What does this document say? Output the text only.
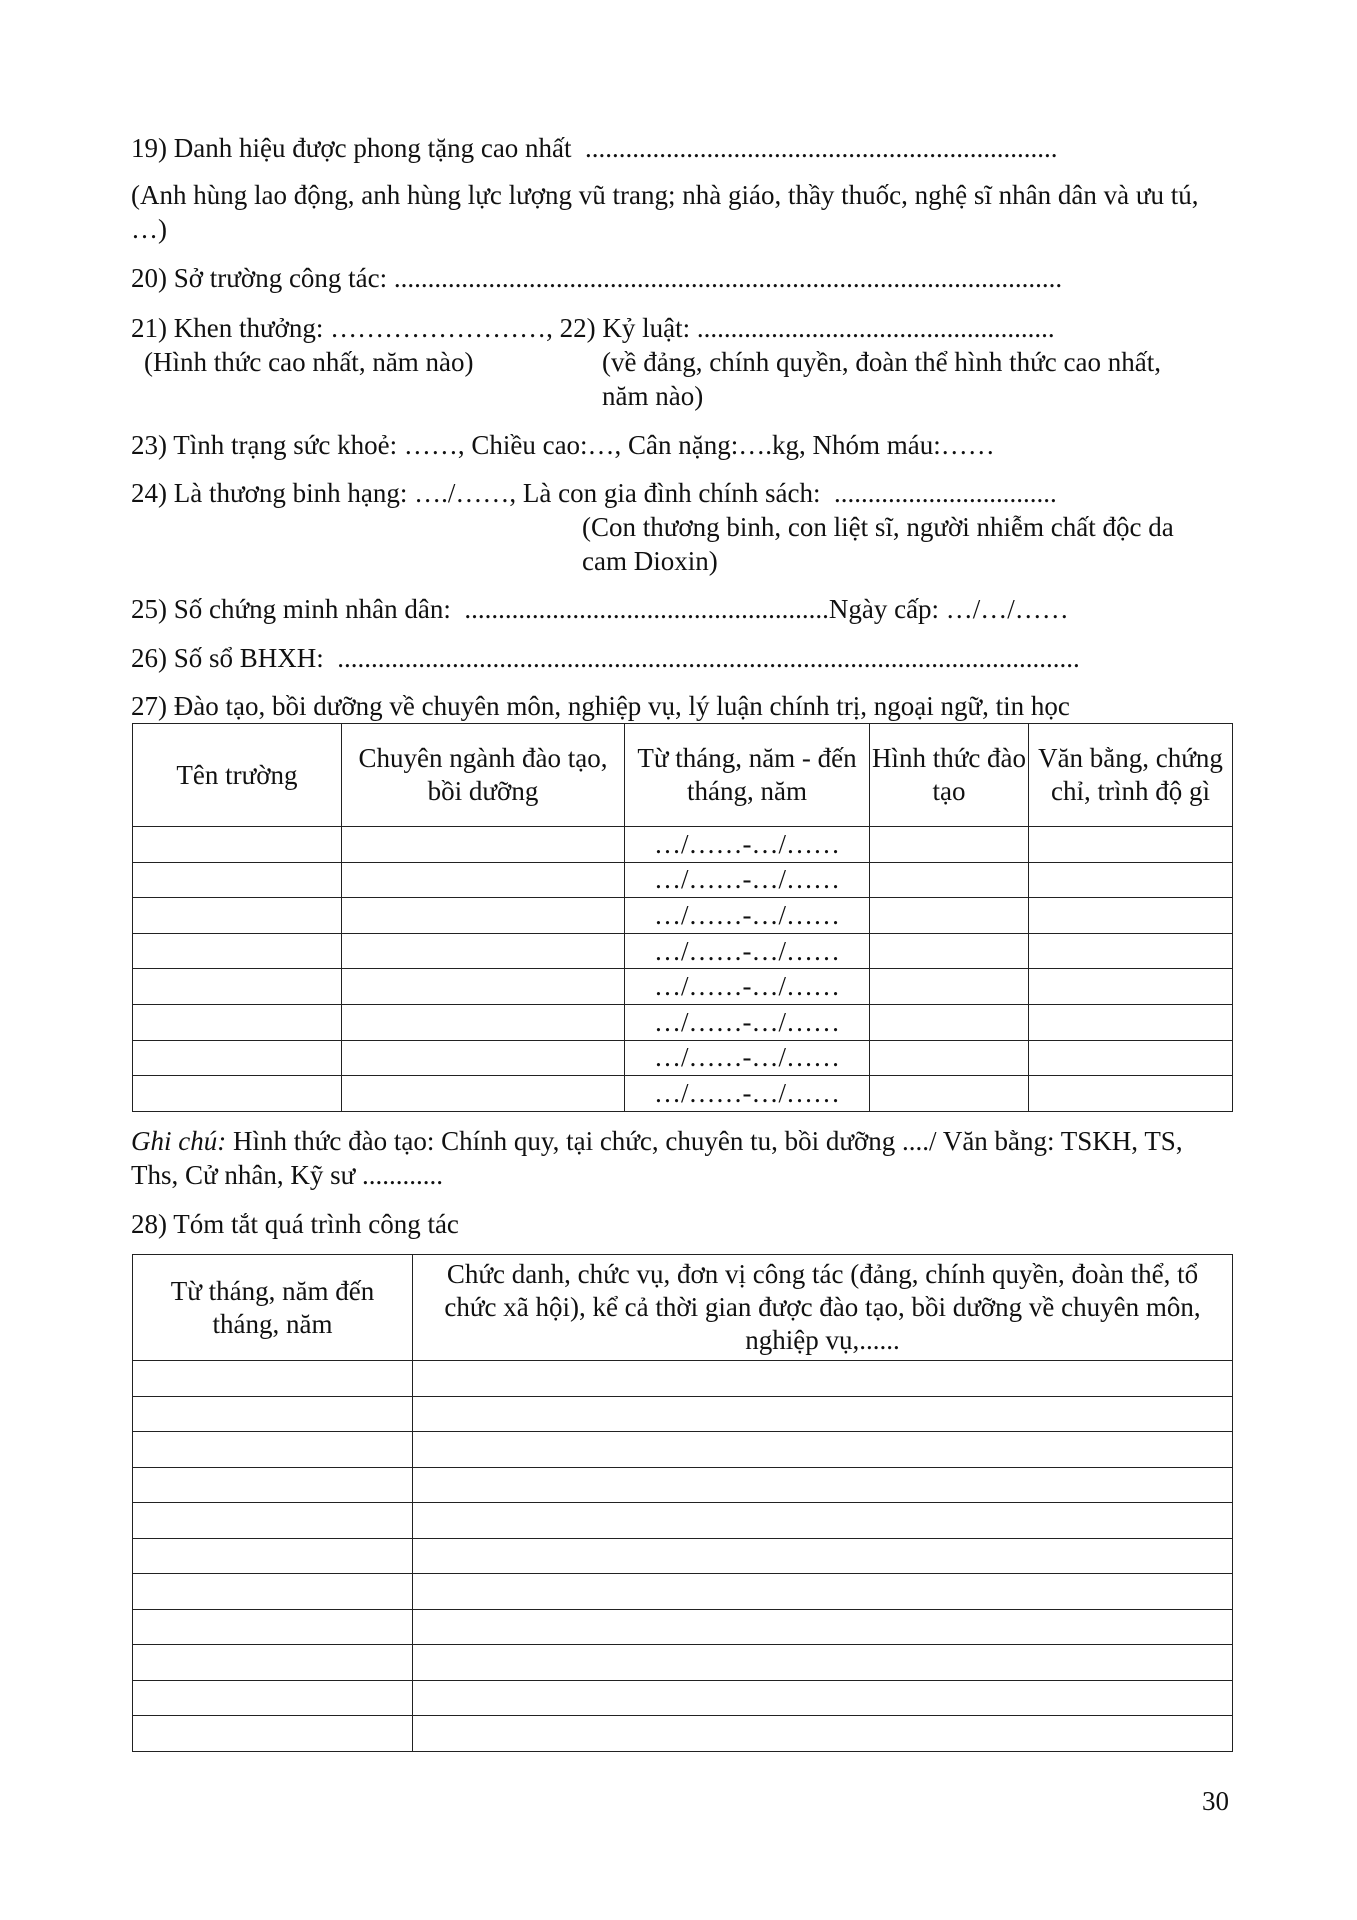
19) Danh hiệu được phong tặng cao nhất  ......................................................................
(Anh hùng lao động, anh hùng lực lượng vũ trang; nhà giáo, thầy thuốc, nghệ sĩ nhân dân và ưu tú, …)
20) Sở trường công tác: ...................................................................................................
21) Khen thưởng: ……………………, 22) Kỷ luật: .....................................................
(Hình thức cao nhất, năm nào)	(về đảng, chính quyền, đoàn thể hình thức cao nhất, năm nào)
23) Tình trạng sức khoẻ: ……, Chiều cao:…, Cân nặng:….kg, Nhóm máu:……
24) Là thương binh hạng: …./……, Là con gia đình chính sách:  .................................
(Con thương binh, con liệt sĩ, người nhiễm chất độc da cam Dioxin)
25) Số chứng minh nhân dân:  ......................................................Ngày cấp: …/…/……
26) Số sổ BHXH:  ..............................................................................................................
27) Đào tạo, bồi dưỡng về chuyên môn, nghiệp vụ, lý luận chính trị, ngoại ngữ, tin học
Tên trường	Chuyên ngành đào tạo, bồi dưỡng	Từ tháng, năm - đến tháng, năm	Hình thức đào tạo	Văn bằng, chứng chỉ, trình độ gì
		…/……-…/……		
		…/……-…/……		
		…/……-…/……		
		…/……-…/……		
		…/……-…/……		
		…/……-…/……		
		…/……-…/……		
		…/……-…/……		
Ghi chú: Hình thức đào tạo: Chính quy, tại chức, chuyên tu, bồi dưỡng ..../ Văn bằng: TSKH, TS, Ths, Cử nhân, Kỹ sư ............
28) Tóm tắt quá trình công tác
Từ tháng, năm đến tháng, năm	Chức danh, chức vụ, đơn vị công tác (đảng, chính quyền, đoàn thể, tổ chức xã hội), kể cả thời gian được đào tạo, bồi dưỡng về chuyên môn, nghiệp vụ,......

30
